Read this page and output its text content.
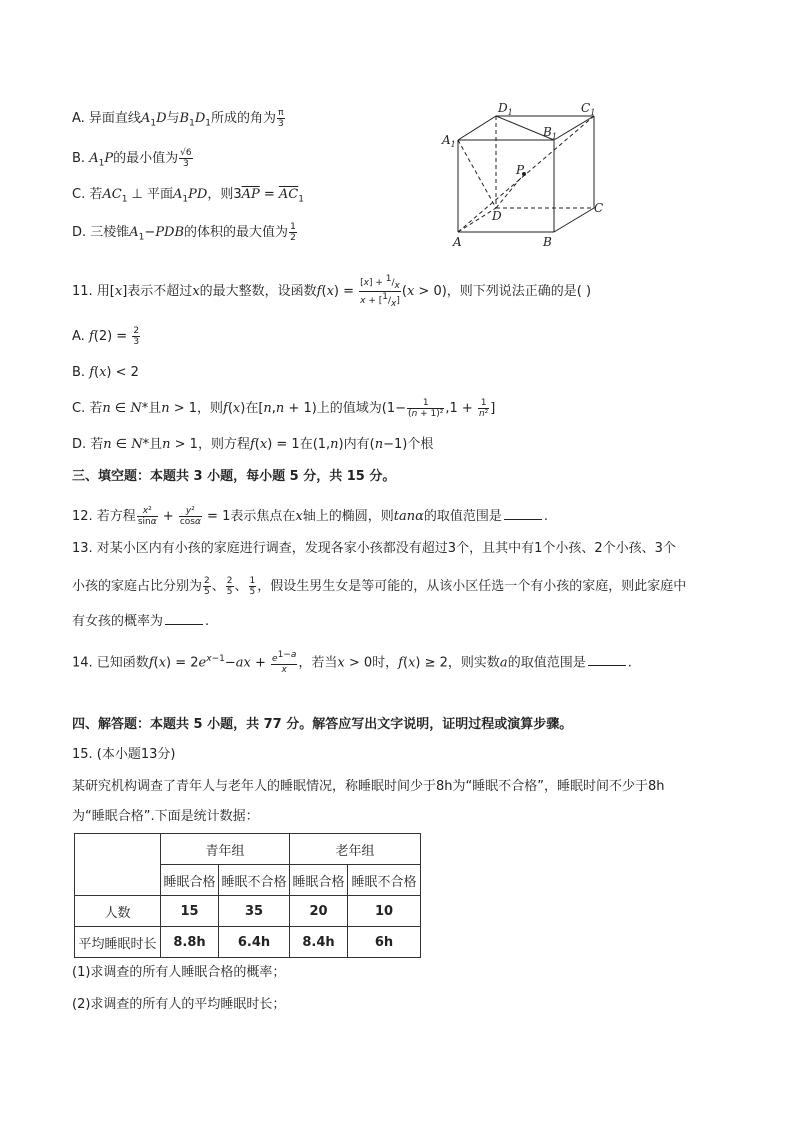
A. 异面直线$A_1D$与$B_1D_1$所成的角为 $\frac{\pi}{3}$
B. $A_1P$的最小值为 $\frac{√6}{3}$
C. 若$AC_1$ ⊥ 平面$A_1PD$，则$3\overline{AP} = \overline{AC}_1$
D. 三棱锥$A_1-PDB$的体积的最大值为 $\frac{1}{2}$
$D_1$	$C_1$
$A_1$
$B_1$
P
D
C
A	B
11. 用[x]表示不超过x的最大整数，设函数$f(x) = \frac{[x] + ^1/_x}{x + [^1/_x]} (x > 0)$，则下列说法正确的是( )
A. $f(2) = \frac{2}{3}$
B. f(x) < 2
C. 若n ∈ N*且n > 1，则f(x)在[n,n + 1)上的值域为($1- \frac{1}{\text{(n + 1)²}} ,1 + \frac{1}{\text{n²}}$ ]
D. 若n ∈ N*且n > 1，则方程f(x) = 1在(1,n)内有(n−1)个根
三、填空题：本题共 3 小题，每小题 5 分，共 15 分。
12. 若方程 $\frac{\text{x²}}{\sin\alpha} + \frac{\text{y²}}{\cos\alpha} = 1$表示焦点在x轴上的椭圆，则tanα的取值范围是	.
13. 对某小区内有小孩的家庭进行调查，发现各家小孩都没有超过3个，且其中有1个小孩、2个小孩、3个
小孩的家庭占比分别为 $\frac{2}{5}$ 、 $\frac{2}{5}$ 、 $\frac{1}{5}$ ，假设生男生女是等可能的，从该小区任选一个有小孩的家庭，则此家庭中
有女孩的概率为	.
14. 已知函数$f(x) = 2e^{x-1}-ax + \frac{e^{1-a}}{x}$ ，若当x > 0时，f(x) ≥ 2，则实数a的取值范围是	.
四、解答题：本题共 5 小题，共 77 分。解答应写出文字说明，证明过程或演算步骤。
15. (本小题13分)
某研究机构调查了青年人与老年人的睡眠情况，称睡眠时间少于8h为“睡眠不合格”，睡眠时间不少于8h
为“睡眠合格”.下面是统计数据：
	青年组		老年组	
	睡眠合格	睡眠不合格	睡眠合格	睡眠不合格
人数	15	35	20	10
平均睡眠时长	8.8h	6.4h	8.4h	6h
(1)求调查的所有人睡眠合格的概率；
(2)求调查的所有人的平均睡眠时长；
